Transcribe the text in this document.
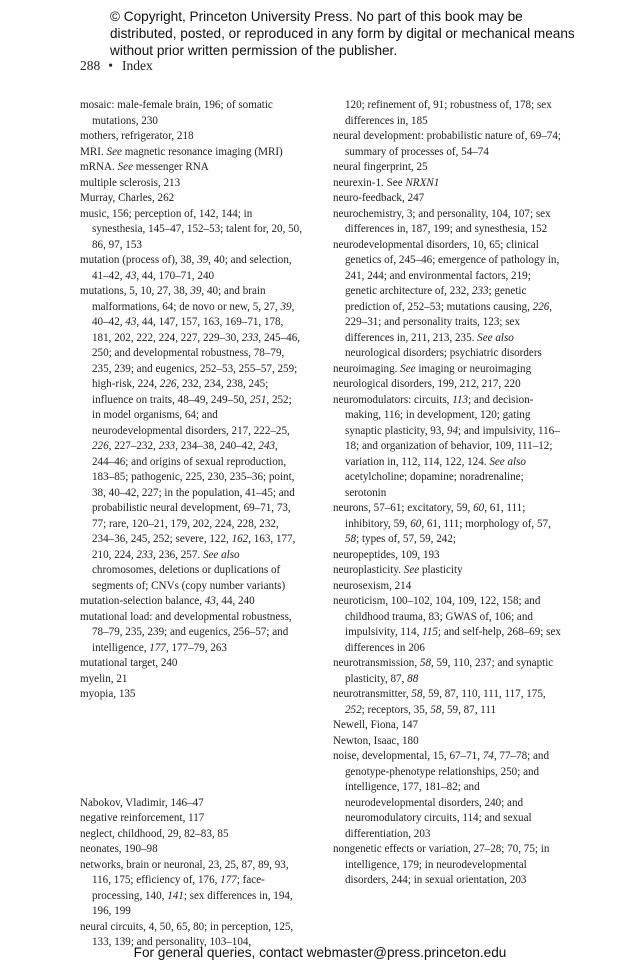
© Copyright, Princeton University Press. No part of this book may be distributed, posted, or reproduced in any form by digital or mechanical means without prior written permission of the publisher.
288 • Index

mosaic: male-female brain, 196; of somatic mutations, 230

mothers, refrigerator, 218

MRI. See magnetic resonance imaging (MRI)

mRNA. See messenger RNA

multiple sclerosis, 213

Murray, Charles, 262

music, 156; perception of, 142, 144; in synesthesia, 145–47, 152–53; talent for, 20, 50, 86, 97, 153

mutation (process of), 38, 39, 40; and selection, 41–42, 43, 44, 170–71, 240

mutations, 5, 10, 27, 38, 39, 40; and brain malformations, 64; de novo or new, 5, 27, 39, 40–42, 43, 44, 147, 157, 163, 169–71, 178, 181, 202, 222, 224, 227, 229–30, 233, 245–46, 250; and developmental robustness, 78–79, 235, 239; and eugenics, 252–53, 255–57, 259; high-risk, 224, 226, 232, 234, 238, 245; influence on traits, 48–49, 249–50, 251, 252; in model organisms, 64; and neurodevelopmental disorders, 217, 222–25, 226, 227–232, 233, 234–38, 240–42, 243, 244–46; and origins of sexual reproduction, 183–85; pathogenic, 225, 230, 235–36; point, 38, 40–42, 227; in the population, 41–45; and probabilistic neural development, 69–71, 73, 77; rare, 120–21, 179, 202, 224, 228, 232, 234–36, 245, 252; severe, 122, 162, 163, 177, 210, 224, 233, 236, 257. See also chromosomes, deletions or duplications of segments of; CNVs (copy number variants)

mutation-selection balance, 43, 44, 240

mutational load: and developmental robustness, 78–79, 235, 239; and eugenics, 256–57; and intelligence, 177, 177–79, 263

mutational target, 240

myelin, 21

myopia, 135

Nabokov, Vladimir, 146–47

negative reinforcement, 117

neglect, childhood, 29, 82–83, 85

neonates, 190–98

networks, brain or neuronal, 23, 25, 87, 89, 93, 116, 175; efficiency of, 176, 177; face-processing, 140, 141; sex differences in, 194, 196, 199

neural circuits, 4, 50, 65, 80; in perception, 125, 133, 139; and personality, 103–104,

120; refinement of, 91; robustness of, 178; sex differences in, 185

neural development: probabilistic nature of, 69–74; summary of processes of, 54–74

neural fingerprint, 25

neurexin-1. See NRXN1

neuro-feedback, 247

neurochemistry, 3; and personality, 104, 107; sex differences in, 187, 199; and synesthesia, 152

neurodevelopmental disorders, 10, 65; clinical genetics of, 245–46; emergence of pathology in, 241, 244; and environmental factors, 219; genetic architecture of, 232, 233; genetic prediction of, 252–53; mutations causing, 226, 229–31; and personality traits, 123; sex differences in, 211, 213, 235. See also neurological disorders; psychiatric disorders

neuroimaging. See imaging or neuroimaging

neurological disorders, 199, 212, 217, 220

neuromodulators: circuits, 113; and decision-making, 116; in development, 120; gating synaptic plasticity, 93, 94; and impulsivity, 116–18; and organization of behavior, 109, 111–12; variation in, 112, 114, 122, 124. See also acetylcholine; dopamine; noradrenaline; serotonin

neurons, 57–61; excitatory, 59, 60, 61, 111; inhibitory, 59, 60, 61, 111; morphology of, 57, 58; types of, 57, 59, 242;

neuropeptides, 109, 193

neuroplasticity. See plasticity

neurosexism, 214

neuroticism, 100–102, 104, 109, 122, 158; and childhood trauma, 83; GWAS of, 106; and impulsivity, 114, 115; and self-help, 268–69; sex differences in 206

neurotransmission, 58, 59, 110, 237; and synaptic plasticity, 87, 88

neurotransmitter, 58, 59, 87, 110, 111, 117, 175, 252; receptors, 35, 58, 59, 87, 111

Newell, Fiona, 147

Newton, Isaac, 180

noise, developmental, 15, 67–71, 74, 77–78; and genotype-phenotype relationships, 250; and intelligence, 177, 181–82; and neurodevelopmental disorders, 240; and neuromodulatory circuits, 114; and sexual differentiation, 203

nongenetic effects or variation, 27–28; 70, 75; in intelligence, 179; in neurodevelopmental disorders, 244; in sexual orientation, 203

For general queries, contact webmaster@press.princeton.edu
